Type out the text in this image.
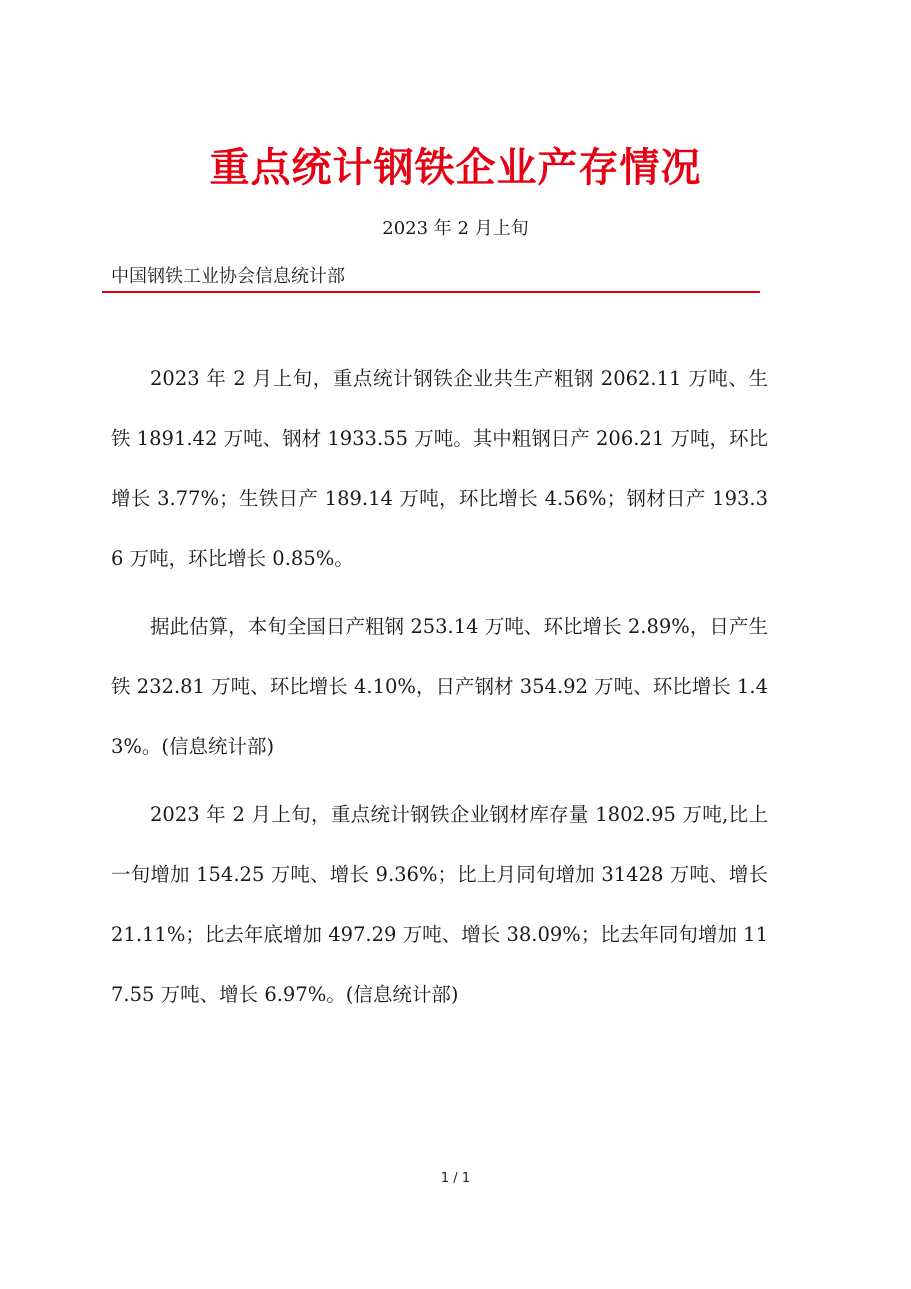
重点统计钢铁企业产存情况
2023 年 2 月上旬
中国钢铁工业协会信息统计部

2023 年 2 月上旬，重点统计钢铁企业共生产粗钢 2062.11 万吨、生铁 1891.42 万吨、钢材 1933.55 万吨。其中粗钢日产 206.21 万吨，环比增长 3.77%；生铁日产 189.14 万吨，环比增长 4.56%；钢材日产 193.36 万吨，环比增长 0.85%。

据此估算，本旬全国日产粗钢 253.14 万吨、环比增长 2.89%，日产生铁 232.81 万吨、环比增长 4.10%，日产钢材 354.92 万吨、环比增长 1.43%。(信息统计部)

2023 年 2 月上旬，重点统计钢铁企业钢材库存量 1802.95 万吨,比上一旬增加 154.25 万吨、增长 9.36%；比上月同旬增加 31428 万吨、增长 21.11%；比去年底增加 497.29 万吨、增长 38.09%；比去年同旬增加 117.55 万吨、增长 6.97%。(信息统计部)

1 / 1
